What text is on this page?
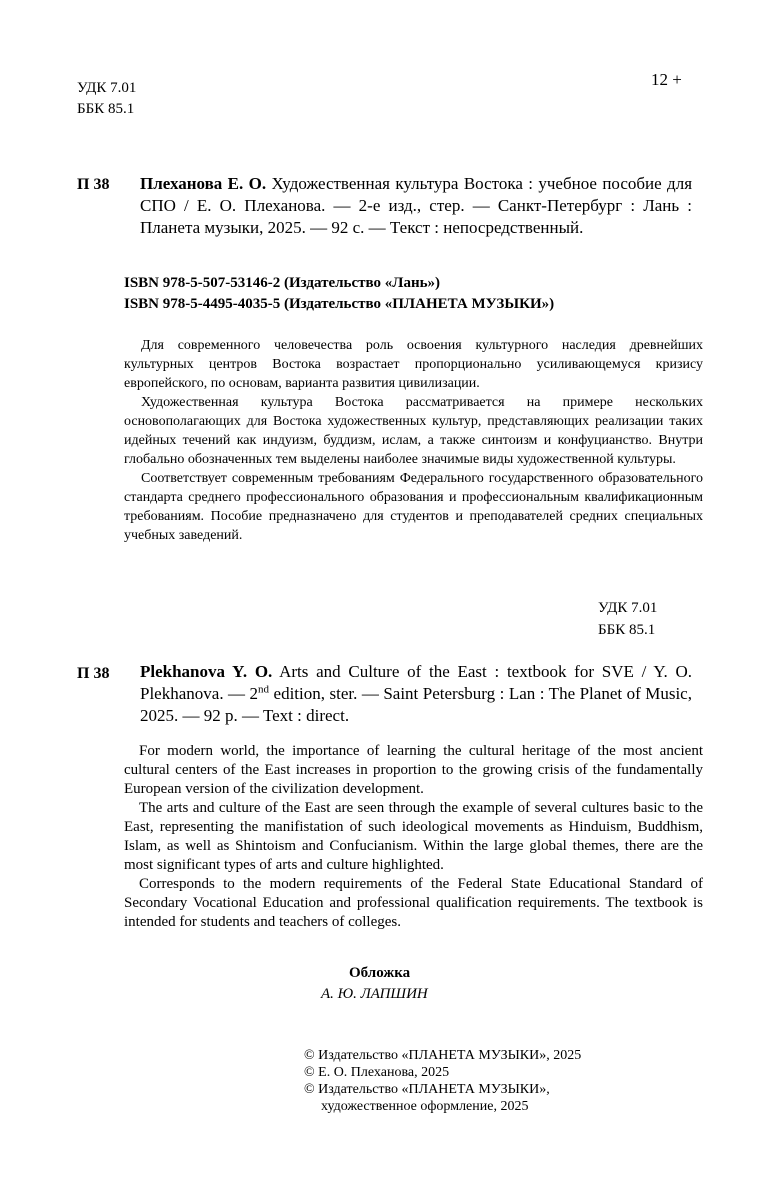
УДК 7.01
ББК 85.1
12 +
П 38 Плеханова Е. О. Художественная культура Востока : учебное пособие для СПО / Е. О. Плеханова. — 2-е изд., стер. — Санкт-Петербург : Лань : Планета музыки, 2025. — 92 с. — Текст : непосредственный.
ISBN 978-5-507-53146-2 (Издательство «Лань»)
ISBN 978-5-4495-4035-5 (Издательство «ПЛАНЕТА МУЗЫКИ»)

Для современного человечества роль освоения культурного наследия древнейших культурных центров Востока возрастает пропорционально усиливающемуся кризису европейского, по основам, варианта развития цивилизации.

Художественная культура Востока рассматривается на примере нескольких основополагающих для Востока художественных культур, представляющих реализации таких идейных течений как индуизм, буддизм, ислам, а также синтоизм и конфуцианство. Внутри глобально обозначенных тем выделены наиболее значимые виды художественной культуры.

Соответствует современным требованиям Федерального государственного образовательного стандарта среднего профессионального образования и профессиональным квалификационным требованиям. Пособие предназначено для студентов и преподавателей средних специальных учебных заведений.

УДК 7.01
ББК 85.1
П 38 Plekhanova Y. O. Arts and Culture of the East : textbook for SVE / Y. O. Plekhanova. — 2nd edition, ster. — Saint Petersburg : Lan : The Planet of Music, 2025. — 92 p. — Text : direct.

For modern world, the importance of learning the cultural heritage of the most ancient cultural centers of the East increases in proportion to the growing crisis of the fundamentally European version of the civilization development.

The arts and culture of the East are seen through the example of several cultures basic to the East, representing the manifistation of such ideological movements as Hinduism, Buddhism, Islam, as well as Shintoism and Confucianism. Within the large global themes, there are the most significant types of arts and culture highlighted.

Corresponds to the modern requirements of the Federal State Educational Standard of Secondary Vocational Education and professional qualification requirements. The textbook is intended for students and teachers of colleges.

Обложка
А. Ю. ЛАПШИН
© Издательство «ПЛАНЕТА МУЗЫКИ», 2025
© Е. О. Плеханова, 2025
© Издательство «ПЛАНЕТА МУЗЫКИ»,
художественное оформление, 2025
